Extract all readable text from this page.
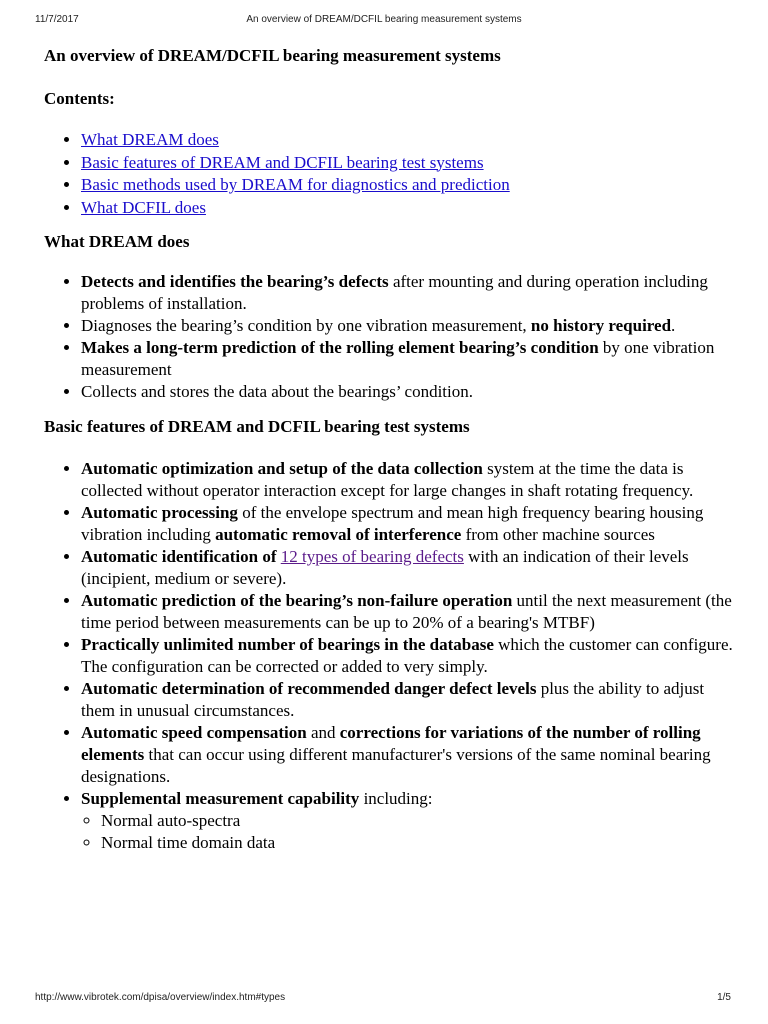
11/7/2017	An overview of DREAM/DCFIL bearing measurement systems

An overview of DREAM/DCFIL bearing measurement systems

Contents:
• What DREAM does
• Basic features of DREAM and DCFIL bearing test systems
• Basic methods used by DREAM for diagnostics and prediction
• What DCFIL does
What DREAM does
• Detects and identifies the bearing’s defects after mounting and during operation including problems of installation.
• Diagnoses the bearing’s condition by one vibration measurement, no history required.
• Makes a long-term prediction of the rolling element bearing’s condition by one vibration measurement
• Collects and stores the data about the bearings’ condition.
Basic features of DREAM and DCFIL bearing test systems
• Automatic optimization and setup of the data collection system at the time the data is collected without operator interaction except for large changes in shaft rotating frequency.
• Automatic processing of the envelope spectrum and mean high frequency bearing housing vibration including automatic removal of interference from other machine sources
• Automatic identification of 12 types of bearing defects with an indication of their levels (incipient, medium or severe).
• Automatic prediction of the bearing’s non-failure operation until the next measurement (the time period between measurements can be up to 20% of a bearing's MTBF)
• Practically unlimited number of bearings in the database which the customer can configure. The configuration can be corrected or added to very simply.
• Automatic determination of recommended danger defect levels plus the ability to adjust them in unusual circumstances.
• Automatic speed compensation and corrections for variations of the number of rolling elements that can occur using different manufacturer's versions of the same nominal bearing designations.
• Supplemental measurement capability including:
◦ Normal auto-spectra
◦ Normal time domain data
http://www.vibrotek.com/dpisa/overview/index.htm#types	1/5
